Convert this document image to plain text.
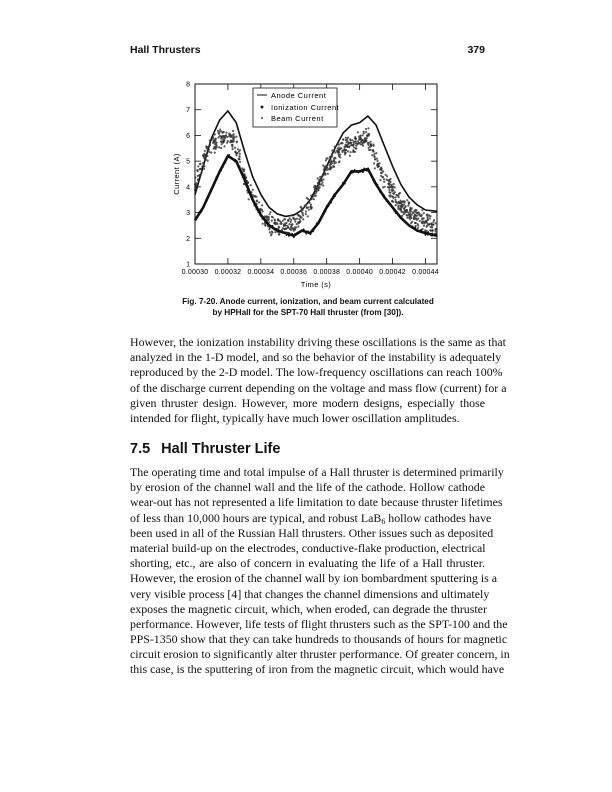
Hall Thrusters	379
0.00030 0.00032 0.00034 0.00036 0.00038 0.00040 0.00042 0.00044
1
2
3
4
5
6
7
8
Anode Current
Ionization Current
Beam Current
Time (s)
Current (A)
Fig. 7-20. Anode current, ionization, and beam current calculated
by HPHall for the SPT-70 Hall thruster (from [30]).
However, the ionization instability driving these oscillations is the same as that
analyzed in the 1-D model, and so the behavior of the instability is adequately
reproduced by the 2-D model. The low-frequency oscillations can reach 100%
of the discharge current depending on the voltage and mass flow (current) for a
given thruster design. However, more modern designs, especially those
intended for flight, typically have much lower oscillation amplitudes.
7.5 Hall Thruster Life
The operating time and total impulse of a Hall thruster is determined primarily
by erosion of the channel wall and the life of the cathode. Hollow cathode
wear-out has not represented a life limitation to date because thruster lifetimes
of less than 10,000 hours are typical, and robust LaB$_6$ hollow cathodes have
been used in all of the Russian Hall thrusters. Other issues such as deposited
material build-up on the electrodes, conductive-flake production, electrical
shorting, etc., are also of concern in evaluating the life of a Hall thruster.
However, the erosion of the channel wall by ion bombardment sputtering is a
very visible process [4] that changes the channel dimensions and ultimately
exposes the magnetic circuit, which, when eroded, can degrade the thruster
performance. However, life tests of flight thrusters such as the SPT-100 and the
PPS-1350 show that they can take hundreds to thousands of hours for magnetic
circuit erosion to significantly alter thruster performance. Of greater concern, in
this case, is the sputtering of iron from the magnetic circuit, which would have
